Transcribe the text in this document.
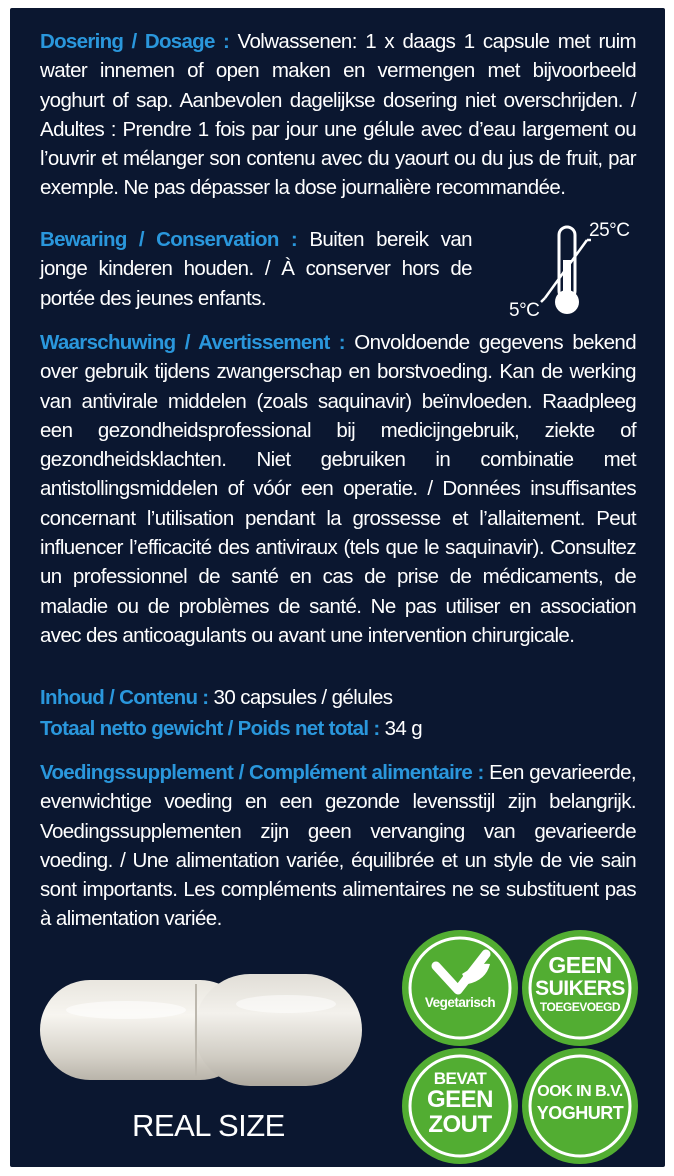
Dosering / Dosage : Volwassenen: 1 x daags 1 capsule met ruim water innemen of open maken en vermengen met bijvoorbeeld yoghurt of sap. Aanbevolen dagelijkse dosering niet overschrijden. / Adultes : Prendre 1 fois par jour une gélule avec d’eau largement ou l’ouvrir et mélanger son contenu avec du yaourt ou du jus de fruit, par exemple. Ne pas dépasser la dose journalière recommandée.
Bewaring / Conservation : Buiten bereik van jonge kinderen houden. / À conserver hors de portée des jeunes enfants.
25°C
5°C
Waarschuwing / Avertissement : Onvoldoende gegevens bekend over gebruik tijdens zwangerschap en borstvoeding. Kan de werking van antivirale middelen (zoals saquinavir) beïnvloeden. Raadpleeg een gezondheidsprofessional bij medicijngebruik, ziekte of gezondheidsklachten. Niet gebruiken in combinatie met antistollingsmiddelen of vóór een operatie. / Données insuffisantes concernant l’utilisation pendant la grossesse et l’allaitement. Peut influencer l’efficacité des antiviraux (tels que le saquinavir). Consultez un professionnel de santé en cas de prise de médicaments, de maladie ou de problèmes de santé. Ne pas utiliser en association avec des anticoagulants ou avant une intervention chirurgicale.
Inhoud / Contenu : 30 capsules / gélules
Totaal netto gewicht / Poids net total : 34 g
Voedingssupplement / Complément alimentaire : Een gevarieerde, evenwichtige voeding en een gezonde levensstijl zijn belangrijk. Voedingssupplementen zijn geen vervanging van gevarieerde voeding. / Une alimentation variée, équilibrée et un style de vie sain sont importants. Les compléments alimentaires ne se substituent pas à alimentation variée.
REAL SIZE
Vegetarisch
GEEN
SUIKERS
TOEGEVOEGD
BEVAT
GEEN
ZOUT
OOK IN B.V.
YOGHURT
